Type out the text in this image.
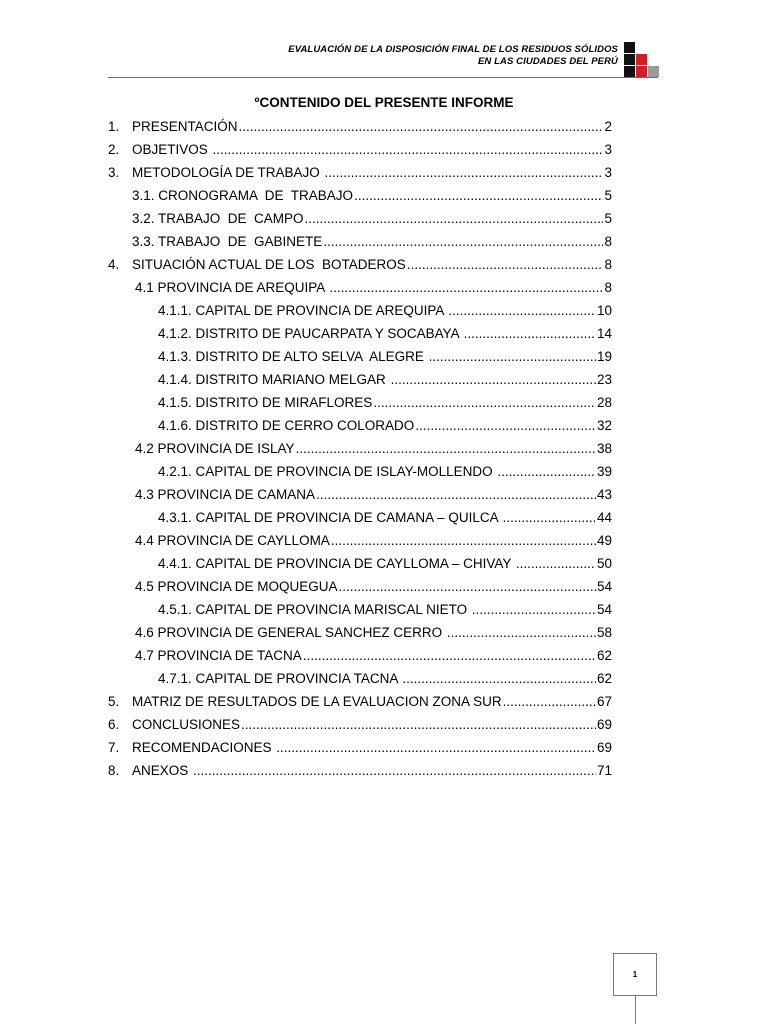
EVALUACIÓN DE LA DISPOSICIÓN FINAL DE LOS RESIDUOS SÓLIDOS
EN LAS CIUDADES DEL PERÚ
ºCONTENIDO DEL PRESENTE INFORME
1. PRESENTACIÓN .....	2
2. OBJETIVOS .....	3
3. METODOLOGÍA DE TRABAJO .....	3
3.1. CRONOGRAMA  DE  TRABAJO .....	5
3.2. TRABAJO  DE  CAMPO .....	5
3.3. TRABAJO  DE  GABINETE .....	8
4. SITUACIÓN ACTUAL DE LOS  BOTADEROS .....	8
4.1 PROVINCIA DE AREQUIPA .....	8
4.1.1. CAPITAL DE PROVINCIA DE AREQUIPA .....	10
4.1.2. DISTRITO DE PAUCARPATA Y SOCABAYA .....	14
4.1.3. DISTRITO DE ALTO SELVA  ALEGRE .....	19
4.1.4. DISTRITO MARIANO MELGAR .....	23
4.1.5. DISTRITO DE MIRAFLORES .....	28
4.1.6. DISTRITO DE CERRO COLORADO .....	32
4.2 PROVINCIA DE ISLAY .....	38
4.2.1. CAPITAL DE PROVINCIA DE ISLAY-MOLLENDO .....	39
4.3 PROVINCIA DE CAMANA .....	43
4.3.1. CAPITAL DE PROVINCIA DE CAMANA – QUILCA .....	44
4.4 PROVINCIA DE CAYLLOMA .....	49
4.4.1. CAPITAL DE PROVINCIA DE CAYLLOMA – CHIVAY .....	50
4.5 PROVINCIA DE MOQUEGUA .....	54
4.5.1. CAPITAL DE PROVINCIA MARISCAL NIETO .....	54
4.6 PROVINCIA DE GENERAL SANCHEZ CERRO .....	58
4.7 PROVINCIA DE TACNA .....	62
4.7.1. CAPITAL DE PROVINCIA TACNA .....	62
5. MATRIZ DE RESULTADOS DE LA EVALUACION ZONA SUR .....	67
6. CONCLUSIONES .....	69
7. RECOMENDACIONES .....	69
8. ANEXOS .....	71
1
